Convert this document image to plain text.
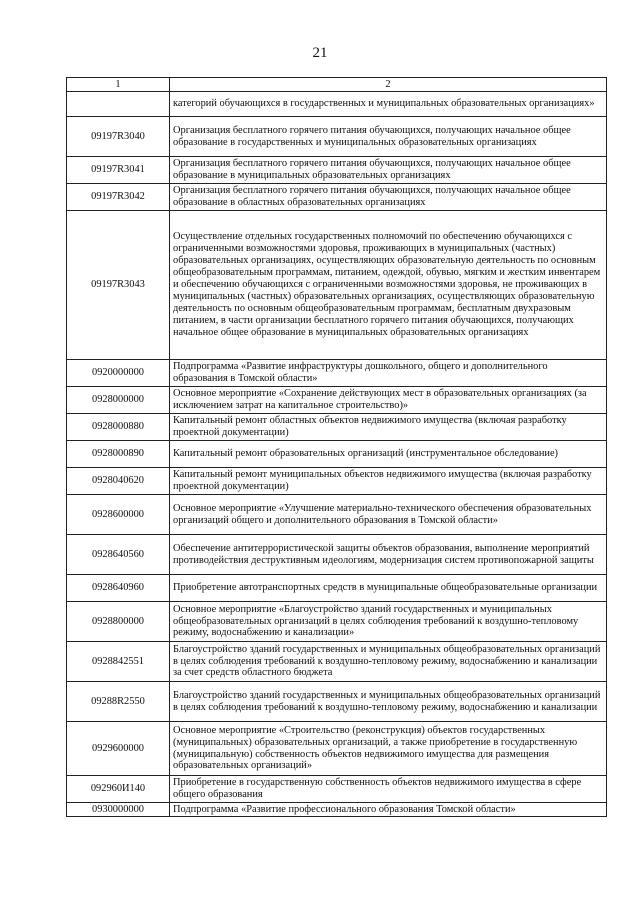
21
1	2
	категорий обучающихся в государственных и муниципальных образовательных организациях»
09197R3040	Организация бесплатного горячего питания обучающихся, получающих начальное общее образование в государственных и муниципальных образовательных организациях
09197R3041	Организация бесплатного горячего питания обучающихся, получающих начальное общее образование в муниципальных образовательных организациях
09197R3042	Организация бесплатного горячего питания обучающихся, получающих начальное общее образование в областных образовательных организациях
09197R3043	Осуществление отдельных государственных полномочий по обеспечению обучающихся с ограниченными возможностями здоровья, проживающих в муниципальных (частных) образовательных организациях, осуществляющих образовательную деятельность по основным общеобразовательным программам, питанием, одеждой, обувью, мягким и жестким инвентарем и обеспечению обучающихся с ограниченными возможностями здоровья, не проживающих в муниципальных (частных) образовательных организациях, осуществляющих образовательную деятельность по основным общеобразовательным программам, бесплатным двухразовым питанием, в части организации бесплатного горячего питания обучающихся, получающих начальное общее образование в муниципальных образовательных организациях
0920000000	Подпрограмма «Развитие инфраструктуры дошкольного, общего и дополнительного образования в Томской области»
0928000000	Основное мероприятие «Сохранение действующих мест в образовательных организациях (за исключением затрат на капитальное строительство)»
0928000880	Капитальный ремонт областных объектов недвижимого имущества (включая разработку проектной документации)
0928000890	Капитальный ремонт образовательных организаций (инструментальное обследование)
0928040620	Капитальный ремонт муниципальных объектов недвижимого имущества (включая разработку проектной документации)
0928600000	Основное мероприятие «Улучшение материально-технического обеспечения образовательных организаций общего и дополнительного образования в Томской области»
0928640560	Обеспечение антитеррористической защиты объектов образования, выполнение мероприятий противодействия деструктивным идеологиям, модернизация систем противопожарной защиты
0928640960	Приобретение автотранспортных средств в муниципальные общеобразовательные организации
0928800000	Основное мероприятие «Благоустройство зданий государственных и муниципальных общеобразовательных организаций в целях соблюдения требований к воздушно-тепловому режиму, водоснабжению и канализации»
0928842551	Благоустройство зданий государственных и муниципальных общеобразовательных организаций в целях соблюдения требований к воздушно-тепловому режиму, водоснабжению и канализации за счет средств областного бюджета
09288R2550	Благоустройство зданий государственных и муниципальных общеобразовательных организаций в целях соблюдения требований к воздушно-тепловому режиму, водоснабжению и канализации
0929600000	Основное мероприятие «Строительство (реконструкция) объектов государственных (муниципальных) образовательных организаций, а также приобретение в государственную (муниципальную) собственность объектов недвижимого имущества для размещения образовательных организаций»
092960И140	Приобретение в государственную собственность объектов недвижимого имущества в сфере общего образования
0930000000	Подпрограмма «Развитие профессионального образования Томской области»
